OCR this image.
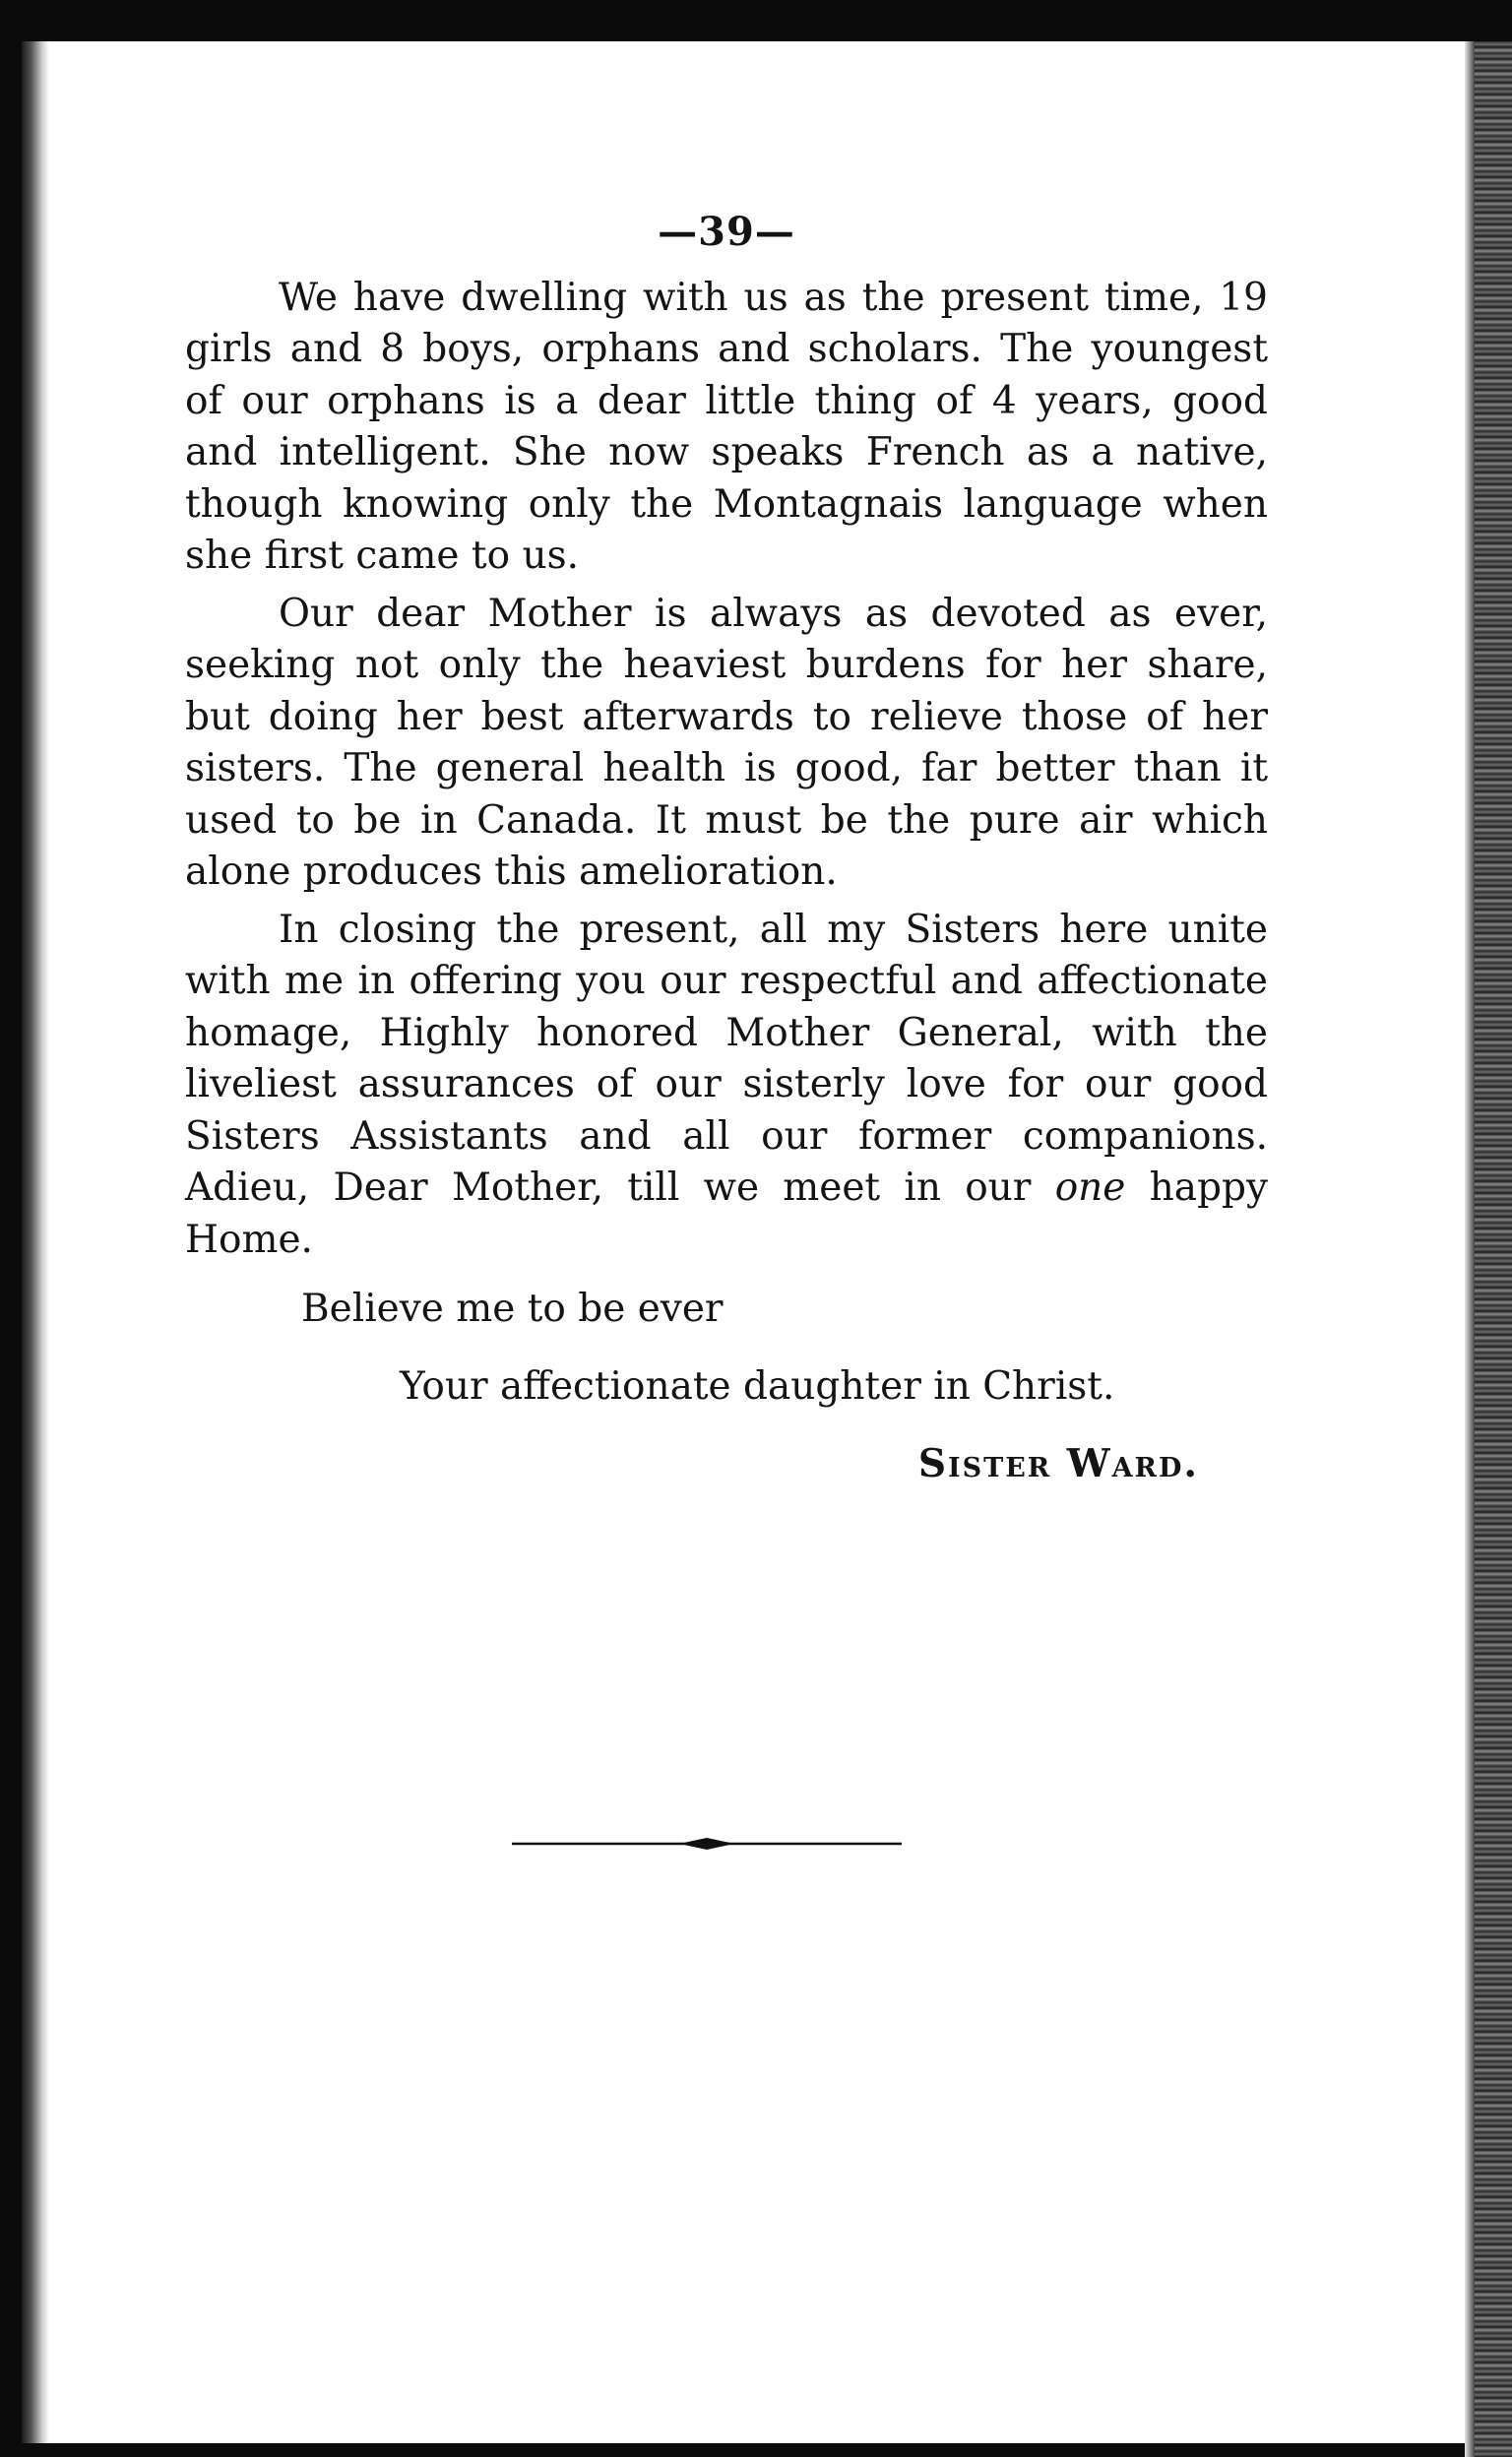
—39—

We have dwelling with us as the present time, 19 girls and 8 boys, orphans and scholars. The youngest of our orphans is a dear little thing of 4 years, good and intelligent. She now speaks French as a native, though knowing only the Montagnais language when she first came to us.

Our dear Mother is always as devoted as ever, seeking not only the heaviest burdens for her share, but doing her best afterwards to relieve those of her sisters. The general health is good, far better than it used to be in Canada. It must be the pure air which alone produces this amelioration.

In closing the present, all my Sisters here unite with me in offering you our respectful and affectionate homage, Highly honored Mother General, with the liveliest assurances of our sisterly love for our good Sisters Assistants and all our former companions. Adieu, Dear Mother, till we meet in our one happy Home.

Believe me to be ever
Your affectionate daughter in Christ.
Sister Ward.
